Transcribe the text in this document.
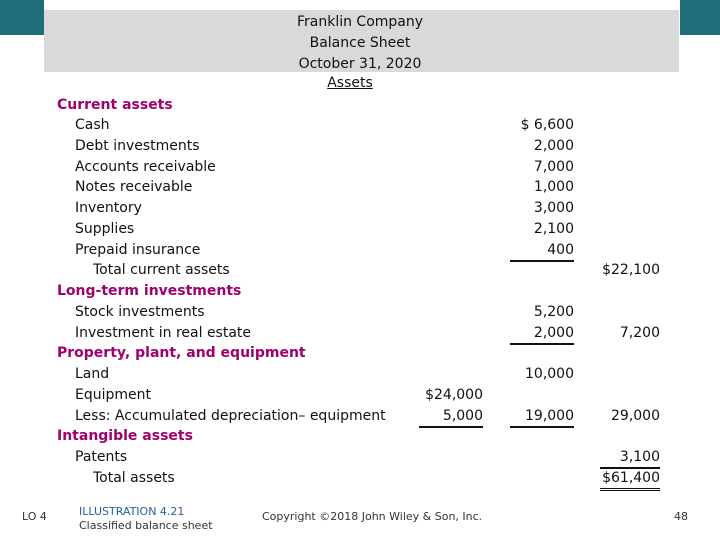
Franklin Company
Balance Sheet
October 31, 2020
Assets
Current assets
Cash	$ 6,600
Debt investments	2,000
Accounts receivable	7,000
Notes receivable	1,000
Inventory	3,000
Supplies	2,100
Prepaid insurance	400
Total current assets	$22,100
Long-term investments
Stock investments	5,200
Investment in real estate	2,000	7,200
Property, plant, and equipment
Land	10,000
Equipment	$24,000
Less: Accumulated depreciation– equipment	5,000	19,000	29,000
Intangible assets
Patents	3,100
Total assets	$61,400
LO 4	ILLUSTRATION 4.21
Classified balance sheet
Copyright ©2018 John Wiley & Son, Inc.	48
